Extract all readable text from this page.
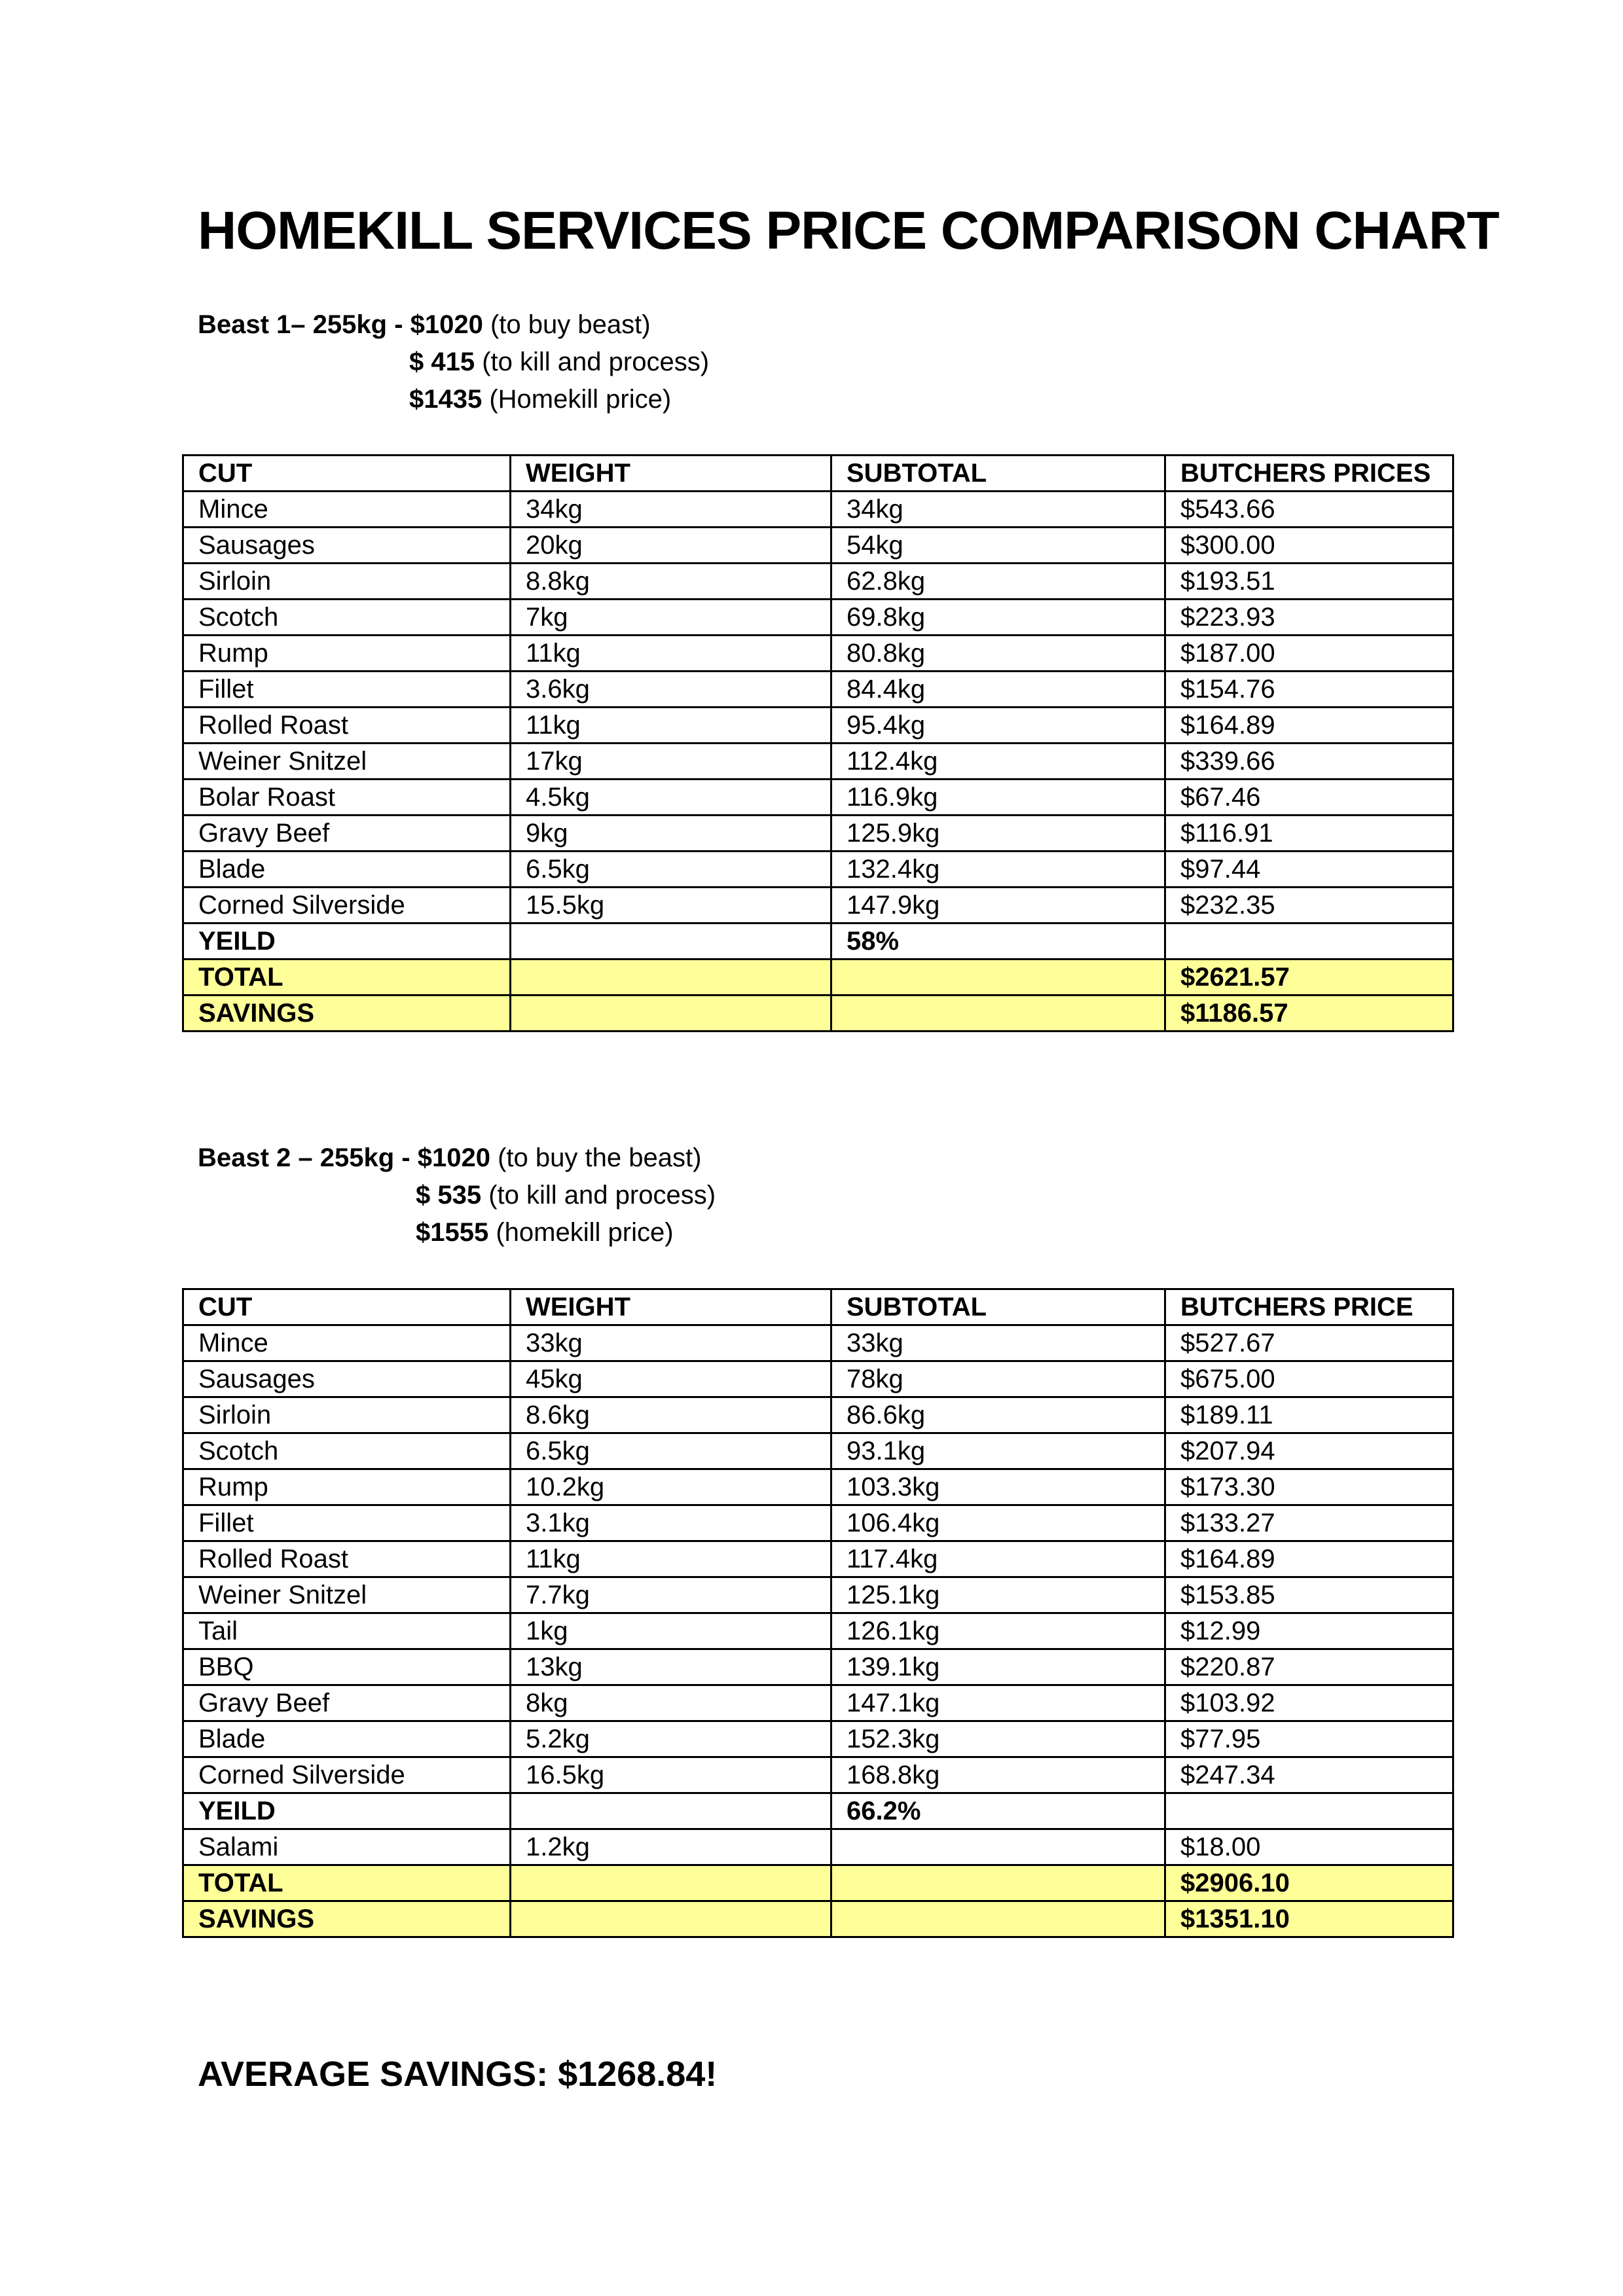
HOMEKILL SERVICES PRICE COMPARISON CHART
Beast 1– 255kg - $1020 (to buy beast)
$ 415 (to kill and process)
$1435 (Homekill price)
CUT	WEIGHT	SUBTOTAL	BUTCHERS PRICES
Mince	34kg	34kg	$543.66
Sausages	20kg	54kg	$300.00
Sirloin	8.8kg	62.8kg	$193.51
Scotch	7kg	69.8kg	$223.93
Rump	11kg	80.8kg	$187.00
Fillet	3.6kg	84.4kg	$154.76
Rolled Roast	11kg	95.4kg	$164.89
Weiner Snitzel	17kg	112.4kg	$339.66
Bolar Roast	4.5kg	116.9kg	$67.46
Gravy Beef	9kg	125.9kg	$116.91
Blade	6.5kg	132.4kg	$97.44
Corned Silverside	15.5kg	147.9kg	$232.35
YEILD		58%	
TOTAL			$2621.57
SAVINGS			$1186.57
Beast 2 – 255kg - $1020 (to buy the beast)
$ 535 (to kill and process)
$1555 (homekill price)
CUT	WEIGHT	SUBTOTAL	BUTCHERS PRICE
Mince	33kg	33kg	$527.67
Sausages	45kg	78kg	$675.00
Sirloin	8.6kg	86.6kg	$189.11
Scotch	6.5kg	93.1kg	$207.94
Rump	10.2kg	103.3kg	$173.30
Fillet	3.1kg	106.4kg	$133.27
Rolled Roast	11kg	117.4kg	$164.89
Weiner Snitzel	7.7kg	125.1kg	$153.85
Tail	1kg	126.1kg	$12.99
BBQ	13kg	139.1kg	$220.87
Gravy Beef	8kg	147.1kg	$103.92
Blade	5.2kg	152.3kg	$77.95
Corned Silverside	16.5kg	168.8kg	$247.34
YEILD		66.2%	
Salami	1.2kg		$18.00
TOTAL			$2906.10
SAVINGS			$1351.10
AVERAGE SAVINGS: $1268.84!
